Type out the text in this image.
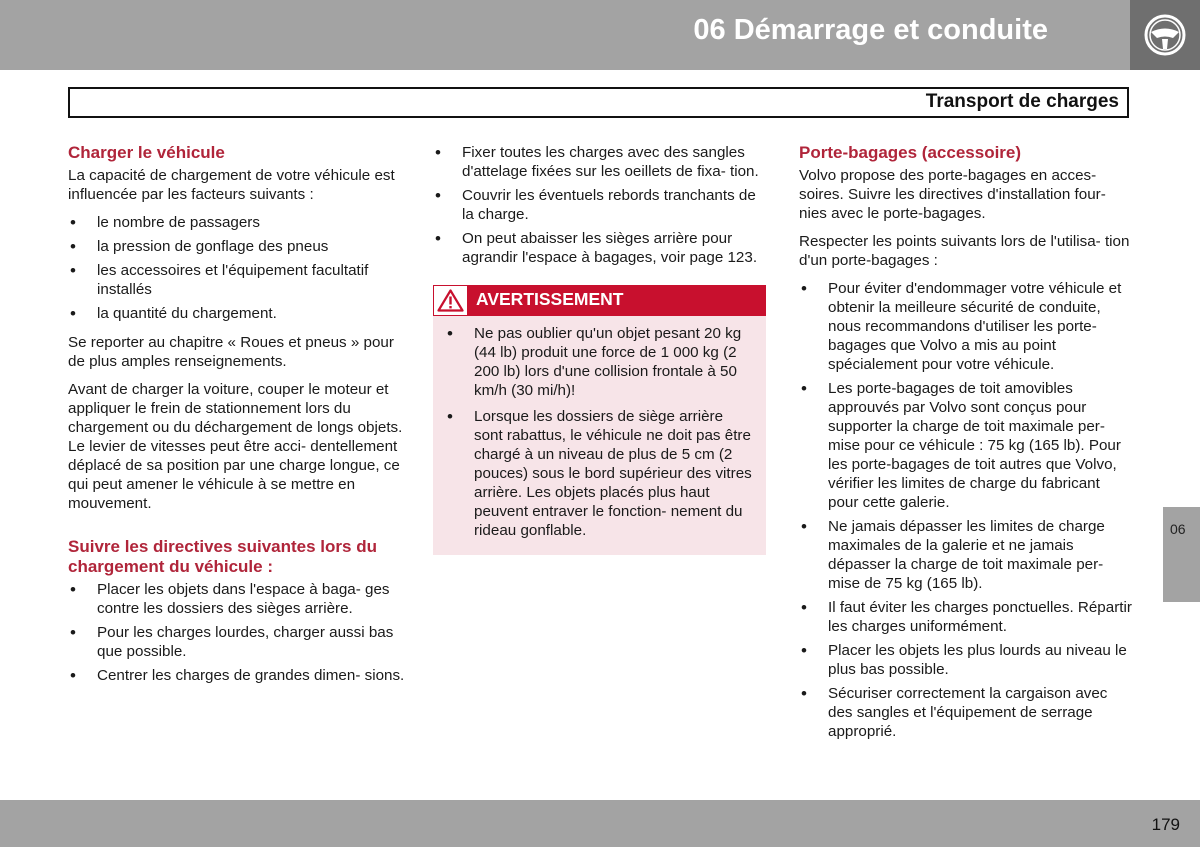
06 Démarrage et conduite
Transport de charges
Charger le véhicule

La capacité de chargement de votre véhicule est influencée par les facteurs suivants :

• le nombre de passagers
• la pression de gonflage des pneus
• les accessoires et l'équipement facultatif installés
• la quantité du chargement.

Se reporter au chapitre « Roues et pneus » pour de plus amples renseignements.

Avant de charger la voiture, couper le moteur et appliquer le frein de stationnement lors du chargement ou du déchargement de longs objets. Le levier de vitesses peut être acci- dentellement déplacé de sa position par une charge longue, ce qui peut amener le véhicule à se mettre en mouvement.

Suivre les directives suivantes lors du chargement du véhicule :
• Placer les objets dans l'espace à baga- ges contre les dossiers des sièges arrière.
• Pour les charges lourdes, charger aussi bas que possible.
• Centrer les charges de grandes dimen- sions.
• Fixer toutes les charges avec des sangles d'attelage fixées sur les oeillets de fixa- tion.
• Couvrir les éventuels rebords tranchants de la charge.
• On peut abaisser les sièges arrière pour agrandir l'espace à bagages, voir page 123.
AVERTISSEMENT
• Ne pas oublier qu'un objet pesant 20 kg (44 lb) produit une force de 1 000 kg (2 200 lb) lors d'une collision frontale à 50 km/h (30 mi/h)!
• Lorsque les dossiers de siège arrière sont rabattus, le véhicule ne doit pas être chargé à un niveau de plus de 5 cm (2 pouces) sous le bord supérieur des vitres arrière. Les objets placés plus haut peuvent entraver le fonction- nement du rideau gonflable.
Porte-bagages (accessoire)

Volvo propose des porte-bagages en acces- soires. Suivre les directives d'installation four- nies avec le porte-bagages.

Respecter les points suivants lors de l'utilisa- tion d'un porte-bagages :

• Pour éviter d'endommager votre véhicule et obtenir la meilleure sécurité de conduite, nous recommandons d'utiliser les porte-bagages que Volvo a mis au point spécialement pour votre véhicule.
• Les porte-bagages de toit amovibles approuvés par Volvo sont conçus pour supporter la charge de toit maximale per- mise pour ce véhicule : 75 kg (165 lb). Pour les porte-bagages de toit autres que Volvo, vérifier les limites de charge du fabricant pour cette galerie.
• Ne jamais dépasser les limites de charge maximales de la galerie et ne jamais dépasser la charge de toit maximale per- mise de 75 kg (165 lb).
• Il faut éviter les charges ponctuelles. Répartir les charges uniformément.
• Placer les objets les plus lourds au niveau le plus bas possible.
• Sécuriser correctement la cargaison avec des sangles et l'équipement de serrage approprié.
06
179
